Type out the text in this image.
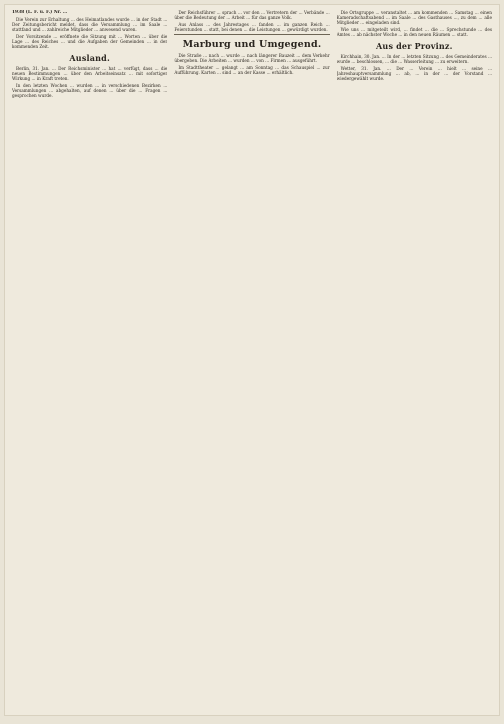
1938 (L. F. u. F.) Nr. ...

Die Verein zur Erhaltung ... des Heimatlandes wurde ... in der Stadt ... Der Zeitungsbericht meldet, dass die Versammlung ... im Saale ... stattfand und ... zahlreiche Mitglieder ... anwesend waren.

Der Vorsitzende ... eröffnete die Sitzung mit ... Worten ... über die Lage ... des Reiches ... und die Aufgaben der Gemeinden ... in der kommenden Zeit.

Ausland.

Berlin, 31. Jan. ... Der Reichsminister ... hat ... verfügt, dass ... die neuen Bestimmungen ... über den Arbeitseinsatz ... mit sofortiger Wirkung ... in Kraft treten.

In den letzten Wochen ... wurden ... in verschiedenen Bezirken ... Versammlungen ... abgehalten, auf denen ... über die ... Fragen ... gesprochen wurde.

Der Reichsführer ... sprach ... vor den ... Vertretern der ... Verbände ... über die Bedeutung der ... Arbeit ... für das ganze Volk.

Aus Anlass ... des Jahrestages ... fanden ... im ganzen Reich ... Feierstunden ... statt, bei denen ... die Leistungen ... gewürdigt wurden.

Marburg und Umgegend.

Die Straße ... nach ... wurde ... nach längerer Bauzeit ... dem Verkehr übergeben. Die Arbeiten ... wurden ... von ... Firmen ... ausgeführt.

Im Stadttheater ... gelangt ... am Sonntag ... das Schauspiel ... zur Aufführung. Karten ... sind ... an der Kasse ... erhältlich.

Die Ortsgruppe ... veranstaltet ... am kommenden ... Samstag ... einen Kameradschaftsabend ... im Saale ... des Gasthauses ..., zu dem ... alle Mitglieder ... eingeladen sind.

Wie uns ... mitgeteilt wird, ... findet ... die ... Sprechstunde ... des Amtes ... ab nächster Woche ... in den neuen Räumen ... statt.

Aus der Provinz.

Kirchhain, 30. Jan. ... In der ... letzten Sitzung ... des Gemeinderates ... wurde ... beschlossen, ... die ... Wasserleitung ... zu erweitern.

Wetter, 31. Jan. ... Der ... Verein ... hielt ... seine ... Jahreshauptversammlung ... ab, ... in der ... der Vorstand ... wiedergewählt wurde.
